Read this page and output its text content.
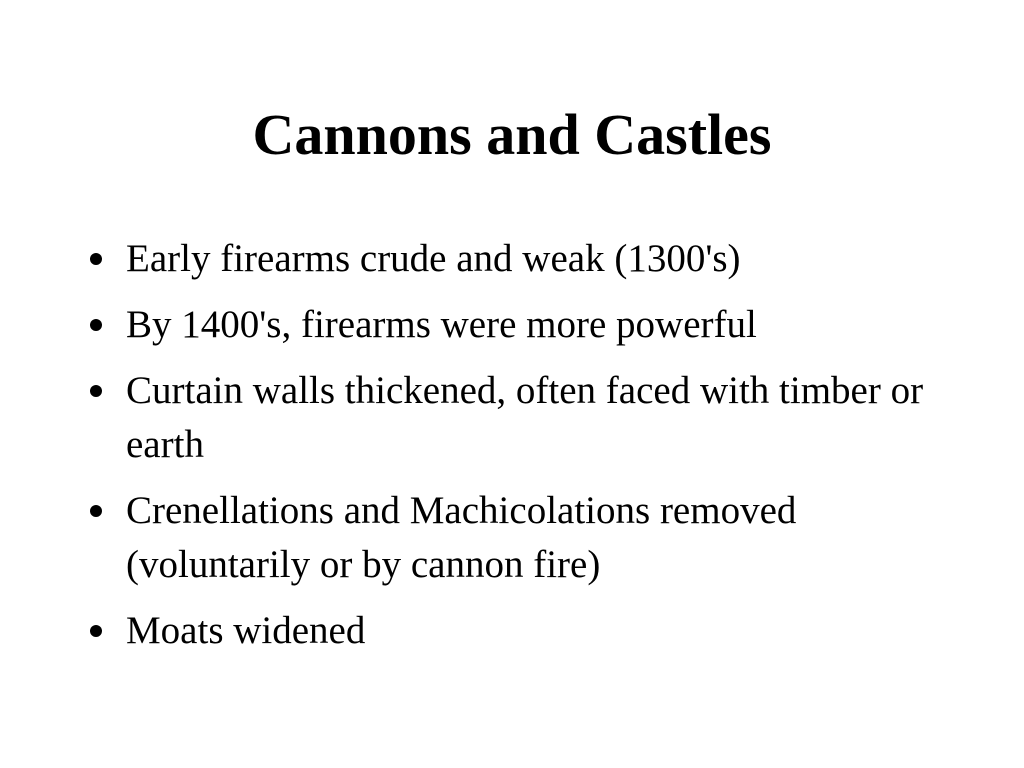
Cannons and Castles
Early firearms crude and weak (1300's)
By 1400's, firearms were more powerful
Curtain walls thickened, often faced with timber or earth
Crenellations and Machicolations removed (voluntarily or by cannon fire)
Moats widened
